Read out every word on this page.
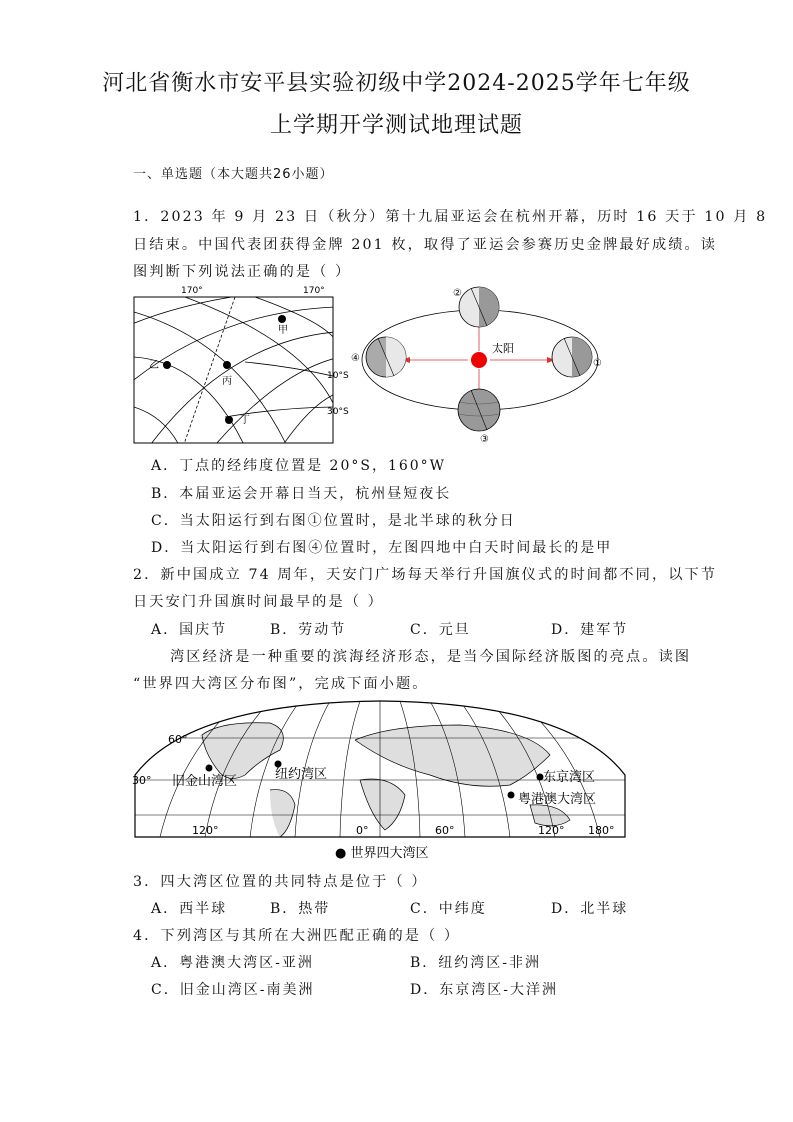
河北省衡水市安平县实验初级中学2024-2025学年七年级
上学期开学测试地理试题
一、单选题（本大题共26小题）
1．2023 年 9 月 23 日（秋分）第十九届亚运会在杭州开幕，历时 16 天于 10 月 8
日结束。中国代表团获得金牌 201 枚，取得了亚运会参赛历史金牌最好成绩。读
图判断下列说法正确的是（ ）
甲
乙
丙
丁
170°	170°
10°S
30°S
太阳
②
④	①
③
A．丁点的经纬度位置是 20°S，160°W
B．本届亚运会开幕日当天，杭州昼短夜长
C．当太阳运行到右图①位置时，是北半球的秋分日
D．当太阳运行到右图④位置时，左图四地中白天时间最长的是甲
2．新中国成立 74 周年，天安门广场每天举行升国旗仪式的时间都不同，以下节
日天安门升国旗时间最早的是（ ）
A．国庆节	B．劳动节	C．元旦	D．建军节
湾区经济是一种重要的滨海经济形态，是当今国际经济版图的亮点。读图
“世界四大湾区分布图”，完成下面小题。
60°
30° 旧金山湾区	纽约湾区	东京湾区
粤港澳大湾区
120°	0°	60°	120° 180°
● 世界四大湾区
3．四大湾区位置的共同特点是位于（ ）
A．西半球	B．热带	C．中纬度	D．北半球
4．下列湾区与其所在大洲匹配正确的是（ ）
A．粤港澳大湾区-亚洲	B．纽约湾区-非洲
C．旧金山湾区-南美洲	D．东京湾区-大洋洲
